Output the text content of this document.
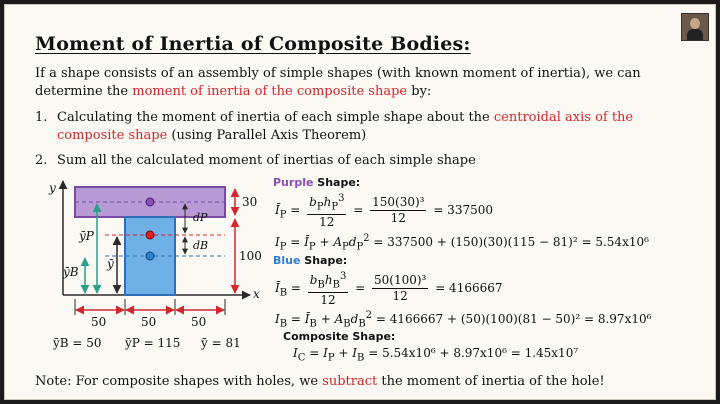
Moment of Inertia of Composite Bodies:
If a shape consists of an assembly of simple shapes (with known moment of inertia), we can determine the moment of inertia of the composite shape by:
1. Calculating the moment of inertia of each simple shape about the centroidal axis of the composite shape (using Parallel Axis Theorem)
2. Sum all the calculated moment of inertias of each simple shape
y
x
30
100
50	50	50
ȳP
ȳ
ȳB
dP
dB
ȳB = 50 ȳP = 115 ȳ = 81
Purple Shape:
$Ī_P = \frac{b_Ph_P^3}{12} = \frac{\text{150(30)³}}{12} = 337500$
$I_P$ = $Ī_P + A_Pd_P^2 = 337500 + (150)(30)(115 - 81)^2 = 5.54x10^6$
Blue Shape:
$Ī_B = \frac{b_Bh_B^3}{12} = \frac{\text{50(100)³}}{12} = 4166667$
$I_B$ = $Ī_B + A_Bd_B^2 = 4166667 + (50)(100)(81 - 50)^2 = 8.97x10^6$
Composite Shape:
$I_C = I_P + I_B = 5.54x10^6 + 8.97x10^6 = 1.45x10^7$
Note: For composite shapes with holes, we subtract the moment of inertia of the hole!
